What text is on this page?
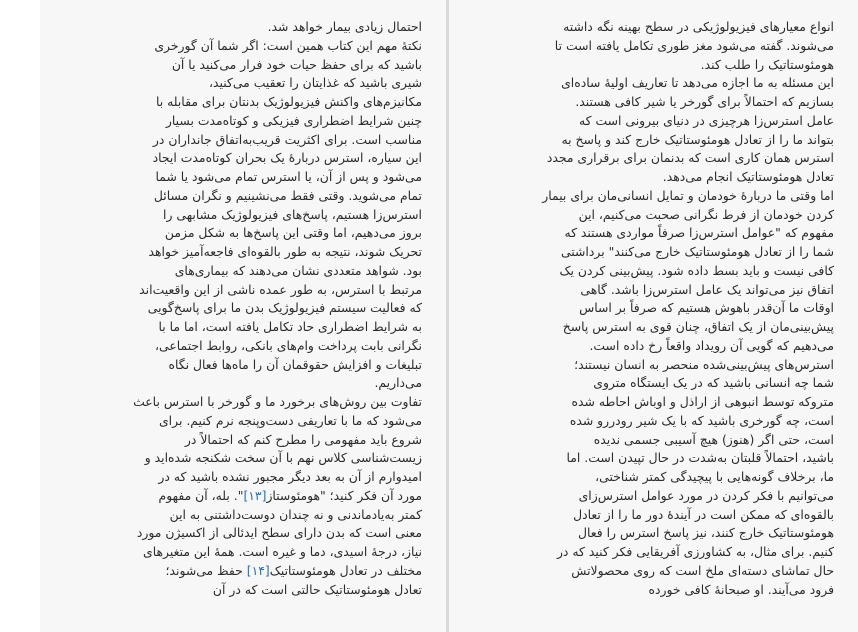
احتمال زیادی بیمار خواهد شد.
نکتهٔ مهم این کتاب همین است: اگر شما آن گورخری
باشید که برای حفظ حیات خود فرار می‌کنید یا آن
شیری باشید که غذایتان را تعقیب می‌کنید،
مکانیزم‌های واکنش فیزیولوژیک بدنتان برای مقابله با
چنین شرایط اضطراری فیزیکی و کوتاه‌مدت بسیار
مناسب است. برای اکثریت قریب‌به‌اتفاق جانداران در
این سیاره، استرس دربارهٔ یک بحران کوتاه‌مدت ایجاد
می‌شود و پس از آن، یا استرس تمام می‌شود یا شما
تمام می‌شوید. وقتی فقط می‌نشینیم و نگران مسائل
استرس‌زا هستیم، پاسخ‌های فیزیولوژیک مشابهی را
بروز می‌دهیم، اما وقتی این پاسخ‌ها به شکل مزمن
تحریک شوند، نتیجه به طور بالقوه‌ای فاجعه‌آمیز خواهد
بود. شواهد متعددی نشان می‌دهند که بیماری‌های
مرتبط با استرس، به طور عمده ناشی از این واقعیت‌اند
که فعالیت سیستم فیزیولوژیک بدن ما برای پاسخ‌گویی
به شرایط اضطراری حاد تکامل یافته است، اما ما با
نگرانی بابت پرداخت وام‌های بانکی، روابط اجتماعی،
تبلیغات و افزایش حقوقمان آن را ماه‌ها فعال نگاه
می‌داریم.
تفاوت بین روش‌های برخورد ما و گورخر با استرس باعث
می‌شود که ما با تعاریفی دست‌وپنجه نرم کنیم. برای
شروع باید مفهومی را مطرح کنم که احتمالاً در
زیست‌شناسی کلاس نهم با آن سخت شکنجه شده‌اید و
امیدوارم از آن به بعد دیگر مجبور نشده باشید که در
مورد آن فکر کنید؛ "هومئوستاز[۱۳]". بله، آن مفهوم
کمتر به‌یادماندنی و نه چندان دوست‌داشتنی به این
معنی است که بدن دارای سطح ایدئالی از اکسیژن مورد
نیاز، درجهٔ اسیدی، دما و غیره است. همهٔ این متغیرهای
مختلف در تعادل هومئوستاتیک[۱۴] حفظ می‌شوند؛
تعادل هومئوستاتیک حالتی است که در آن
انواع معیارهای فیزیولوژیکی در سطح بهینه نگه داشته
می‌شوند. گفته می‌شود مغز طوری تکامل یافته است تا
هومئوستاتیک را طلب کند.
این مسئله به ما اجازه می‌دهد تا تعاریف اولیهٔ ساده‌ای
بسازیم که احتمالاً برای گورخر یا شیر کافی هستند.
عامل استرس‌زا هرچیزی در دنیای بیرونی است که
بتواند ما را از تعادل هومئوستاتیک خارج کند و پاسخ به
استرس همان کاری است که بدنمان برای برقراری مجدد
تعادل هومئوستاتیک انجام می‌دهد.
اما وقتی ما دربارهٔ خودمان و تمایل انسانی‌مان برای بیمار
کردن خودمان از فرط نگرانی صحبت می‌کنیم، این
مفهوم که "عوامل استرس‌زا صرفاً مواردی هستند که
شما را از تعادل هومئوستاتیک خارج می‌کنند" برداشتی
کافی نیست و باید بسط داده شود. پیش‌بینی کردن یک
اتفاق نیز می‌تواند یک عامل استرس‌زا باشد. گاهی
اوقات ما آن‌قدر باهوش هستیم که صرفاً بر اساس
پیش‌بینی‌مان از یک اتفاق، چنان قوی به استرس پاسخ
می‌دهیم که گویی آن رویداد واقعاً رخ داده است.
استرس‌های پیش‌بینی‌شده منحصر به انسان نیستند؛
شما چه انسانی باشید که در یک ایستگاه متروی
متروکه توسط انبوهی از اراذل و اوباش احاطه شده
است، چه گورخری باشید که با یک شیر رودررو شده
است، حتی اگر (هنوز) هیچ آسیبی جسمی ندیده
باشید، احتمالاً قلبتان به‌شدت در حال تپیدن است. اما
ما، برخلاف گونه‌هایی با پیچیدگی کمتر شناختی،
می‌توانیم با فکر کردن در مورد عوامل استرس‌زای
بالقوه‌ای که ممکن است در آیندهٔ دور ما را از تعادل
هومئوستاتیک خارج کنند، نیز پاسخ استرس را فعال
کنیم. برای مثال، به کشاورزی آفریقایی فکر کنید که در
حال تماشای دسته‌ای ملخ است که روی محصولاتش
فرود می‌آیند. او صبحانهٔ کافی خورده
